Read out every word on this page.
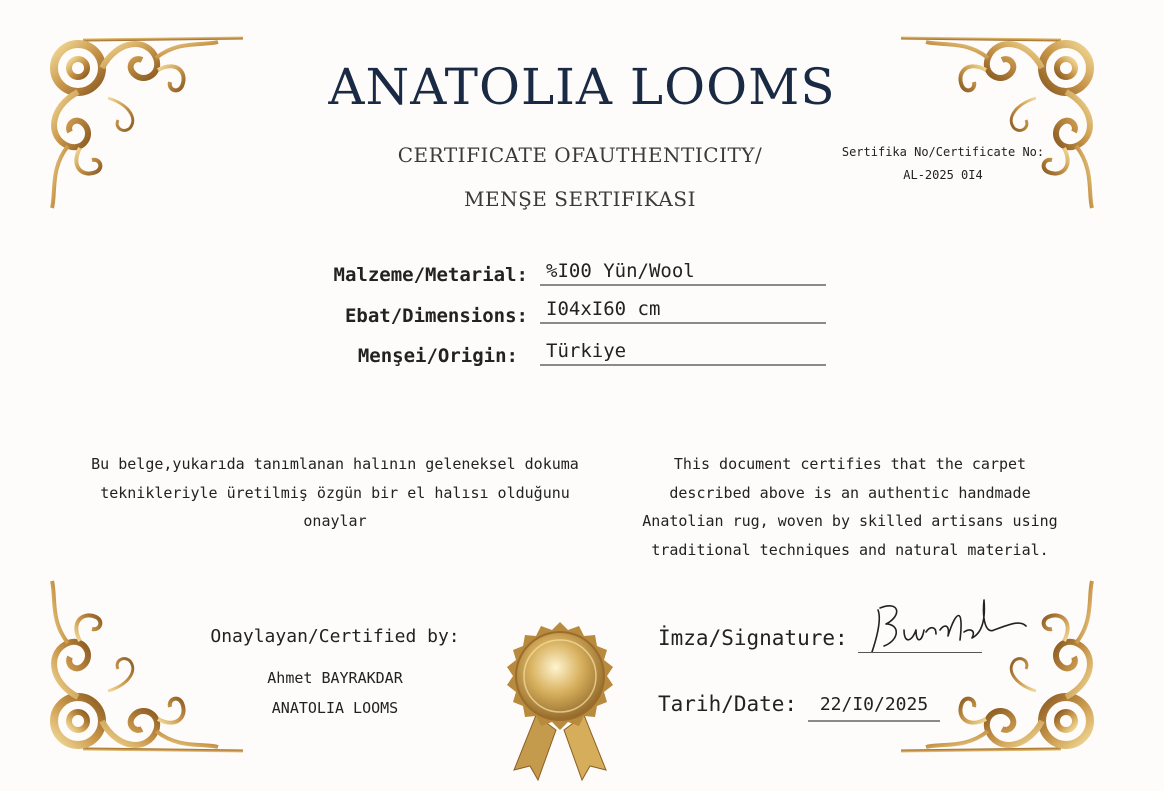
ANATOLIA LOOMS
CERTIFICATE OFAUTHENTICITY/
MENŞE SERTIFIKASI
Sertifika No/Certificate No:
AL-2025 0I4
Malzeme/Metarial: %I00 Yün/Wool
Ebat/Dimensions: I04xI60 cm
Menşei/Origin:	Türkiye
Bu belge,yukarıda tanımlanan halının geleneksel dokuma teknikleriyle üretilmiş özgün bir el halısı olduğunu onaylar
This document certifies that the carpet described above is an authentic handmade Anatolian rug, woven by skilled artisans using traditional techniques and natural material.
Onaylayan/Certified by:
Ahmet BAYRAKDAR
ANATOLIA LOOMS
İmza/Signature:
Tarih/Date:	22/I0/2025
